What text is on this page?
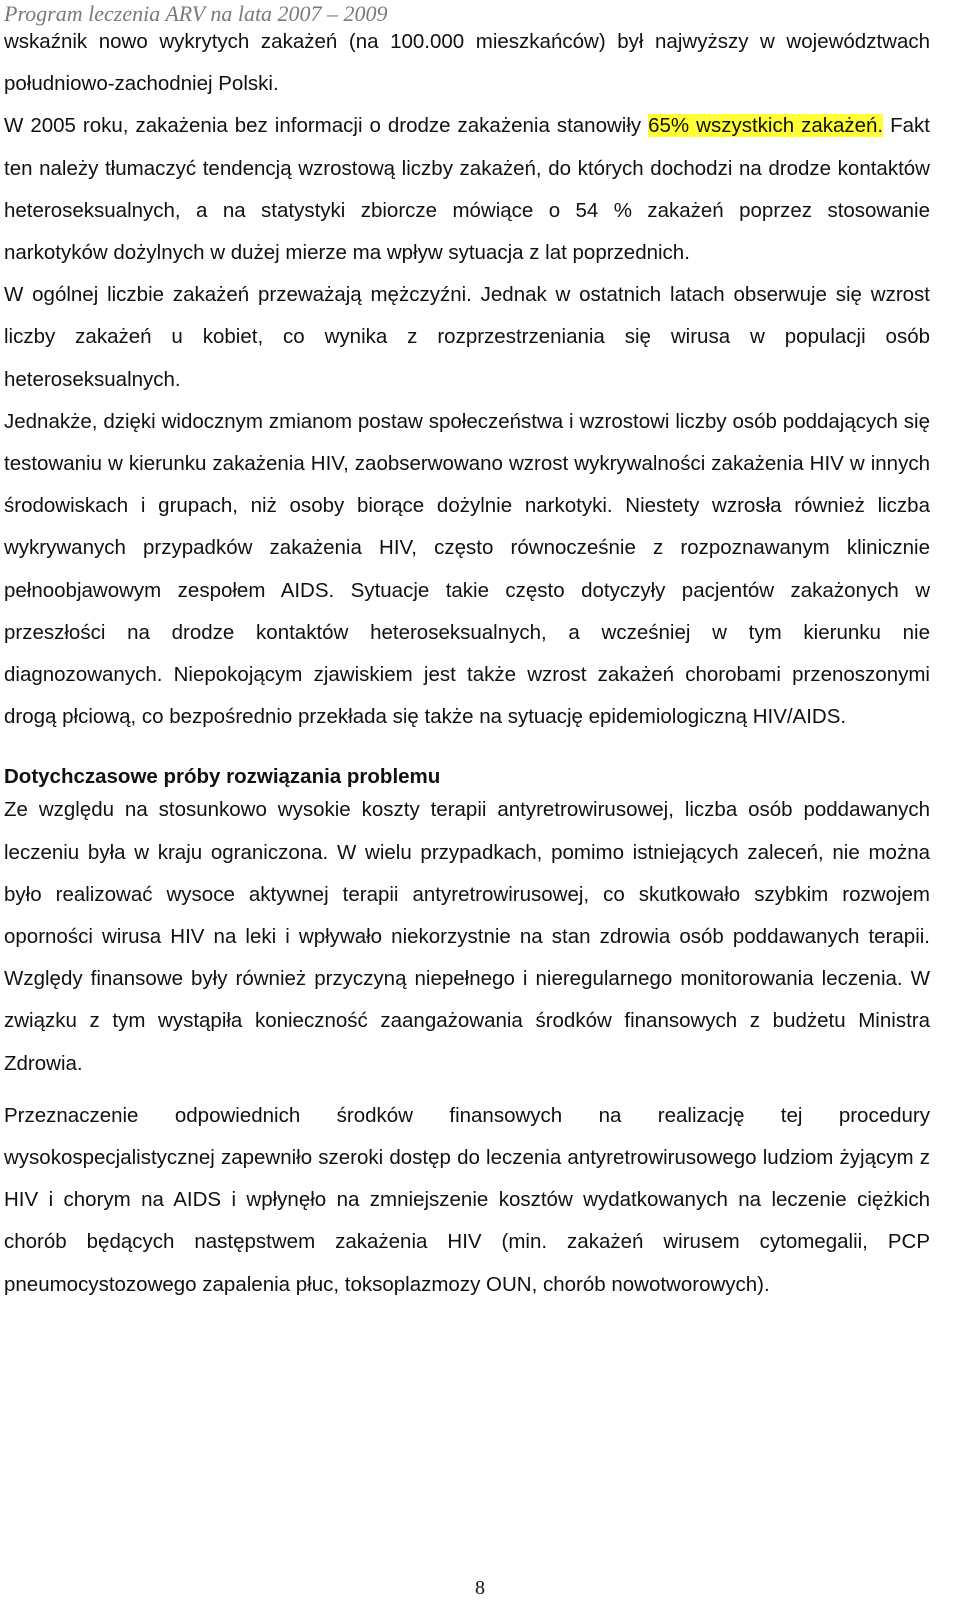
Program leczenia ARV na lata 2007 – 2009

wskaźnik nowo wykrytych zakażeń (na 100.000 mieszkańców) był najwyższy w województwach południowo-zachodniej Polski.

W 2005 roku, zakażenia bez informacji o drodze zakażenia stanowiły 65% wszystkich zakażeń. Fakt ten należy tłumaczyć tendencją wzrostową liczby zakażeń, do których dochodzi na drodze kontaktów heteroseksualnych, a na statystyki zbiorcze mówiące o 54 % zakażeń poprzez stosowanie narkotyków dożylnych w dużej mierze ma wpływ sytuacja z lat poprzednich.

W ogólnej liczbie zakażeń przeważają mężczyźni. Jednak w ostatnich latach obserwuje się wzrost liczby zakażeń u kobiet, co wynika z rozprzestrzeniania się wirusa w populacji osób heteroseksualnych.

Jednakże, dzięki widocznym zmianom postaw społeczeństwa i wzrostowi liczby osób poddających się testowaniu w kierunku zakażenia HIV, zaobserwowano wzrost wykrywalności zakażenia HIV w innych środowiskach i grupach, niż osoby biorące dożylnie narkotyki. Niestety wzrosła również liczba wykrywanych przypadków zakażenia HIV, często równocześnie z rozpoznawanym klinicznie pełnoobjawowym zespołem AIDS. Sytuacje takie często dotyczyły pacjentów zakażonych w przeszłości na drodze kontaktów heteroseksualnych, a wcześniej w tym kierunku nie diagnozowanych. Niepokojącym zjawiskiem jest także wzrost zakażeń chorobami przenoszonymi drogą płciową, co bezpośrednio przekłada się także na sytuację epidemiologiczną HIV/AIDS.

Dotychczasowe próby rozwiązania problemu

Ze względu na stosunkowo wysokie koszty terapii antyretrowirusowej, liczba osób poddawanych leczeniu była w kraju ograniczona. W wielu przypadkach, pomimo istniejących zaleceń, nie można było realizować wysoce aktywnej terapii antyretrowirusowej, co skutkowało szybkim rozwojem oporności wirusa HIV na leki i wpływało niekorzystnie na stan zdrowia osób poddawanych terapii. Względy finansowe były również przyczyną niepełnego i nieregularnego monitorowania leczenia. W związku z tym wystąpiła konieczność zaangażowania środków finansowych z budżetu Ministra Zdrowia.

Przeznaczenie odpowiednich środków finansowych na realizację tej procedury wysokospecjalistycznej zapewniło szeroki dostęp do leczenia antyretrowirusowego ludziom żyjącym z HIV i chorym na AIDS i wpłynęło na zmniejszenie kosztów wydatkowanych na leczenie ciężkich chorób będących następstwem zakażenia HIV (min. zakażeń wirusem cytomegalii, PCP pneumocystozowego zapalenia płuc, toksoplazmozy OUN, chorób nowotworowych).

8
